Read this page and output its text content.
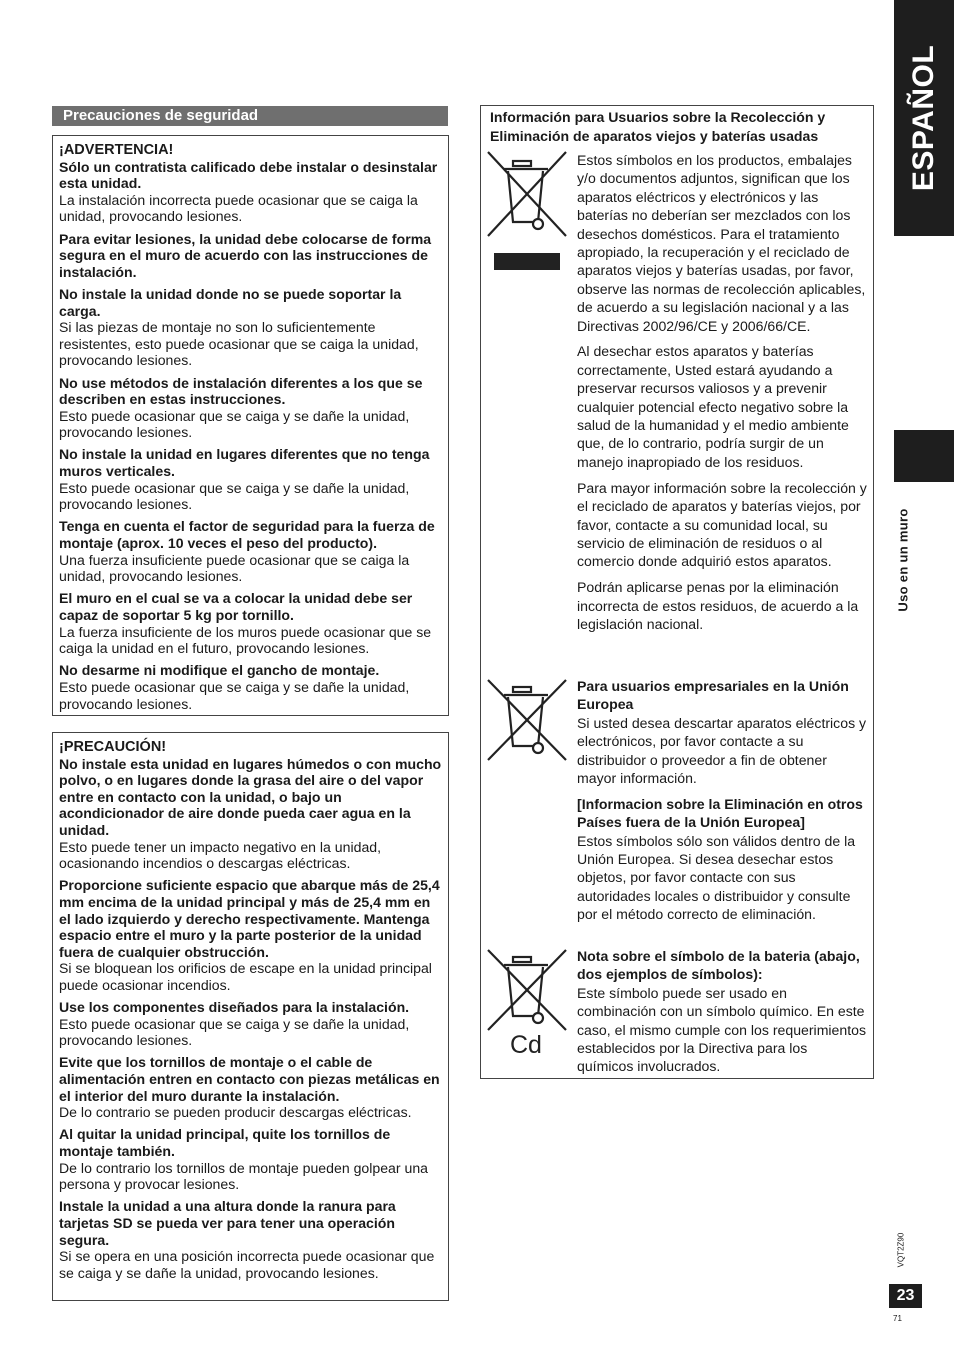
Precauciones de seguridad
¡ADVERTENCIA!
Sólo un contratista calificado debe instalar o desinstalar esta unidad.
La instalación incorrecta puede ocasionar que se caiga la unidad, provocando lesiones.
Para evitar lesiones, la unidad debe colocarse de forma segura en el muro de acuerdo con las instrucciones de instalación.
No instale la unidad donde no se puede soportar la carga.
Si las piezas de montaje no son lo suficientemente resistentes, esto puede ocasionar que se caiga la unidad, provocando lesiones.
No use métodos de instalación diferentes a los que se describen en estas instrucciones.
Esto puede ocasionar que se caiga y se dañe la unidad, provocando lesiones.
No instale la unidad en lugares diferentes que no tenga muros verticales.
Esto puede ocasionar que se caiga y se dañe la unidad, provocando lesiones.
Tenga en cuenta el factor de seguridad para la fuerza de montaje (aprox. 10 veces el peso del producto).
Una fuerza insuficiente puede ocasionar que se caiga la unidad, provocando lesiones.
El muro en el cual se va a colocar la unidad debe ser capaz de soportar 5 kg por tornillo.
La fuerza insuficiente de los muros puede ocasionar que se caiga la unidad en el futuro, provocando lesiones.
No desarme ni modifique el gancho de montaje.
Esto puede ocasionar que se caiga y se dañe la unidad, provocando lesiones.
¡PRECAUCIÓN!
No instale esta unidad en lugares húmedos o con mucho polvo, o en lugares donde la grasa del aire o del vapor entre en contacto con la unidad, o bajo un acondicionador de aire donde pueda caer agua en la unidad.
Esto puede tener un impacto negativo en la unidad, ocasionando incendios o descargas eléctricas.
Proporcione suficiente espacio que abarque más de 25,4 mm encima de la unidad principal y más de 25,4 mm en el lado izquierdo y derecho respectivamente. Mantenga espacio entre el muro y la parte posterior de la unidad fuera de cualquier obstrucción.
Si se bloquean los orificios de escape en la unidad principal puede ocasionar incendios.
Use los componentes diseñados para la instalación.
Esto puede ocasionar que se caiga y se dañe la unidad, provocando lesiones.
Evite que los tornillos de montaje o el cable de alimentación entren en contacto con piezas metálicas en el interior del muro durante la instalación.
De lo contrario se pueden producir descargas eléctricas.
Al quitar la unidad principal, quite los tornillos de montaje también.
De lo contrario los tornillos de montaje pueden golpear una persona y provocar lesiones.
Instale la unidad a una altura donde la ranura para tarjetas SD se pueda ver para tener una operación segura.
Si se opera en una posición incorrecta puede ocasionar que se caiga y se dañe la unidad, provocando lesiones.
Información para Usuarios sobre la Recolección y Eliminación de aparatos viejos y baterías usadas
Cd

Estos símbolos en los productos, embalajes y/o documentos adjuntos, significan que los aparatos eléctricos y electrónicos y las baterías no deberían ser mezclados con los desechos domésticos. Para el tratamiento apropiado, la recuperación y el reciclado de aparatos viejos y baterías usadas, por favor, observe las normas de recolección aplicables, de acuerdo a su legislación nacional y a las Directivas 2002/96/CE y 2006/66/CE.

Al desechar estos aparatos y baterías correctamente, Usted estará ayudando a preservar recursos valiosos y a prevenir cualquier potencial efecto negativo sobre la salud de la humanidad y el medio ambiente que, de lo contrario, podría surgir de un manejo inapropiado de los residuos.

Para mayor información sobre la recolección y el reciclado de aparatos y baterías viejos, por favor, contacte a su comunidad local, su servicio de eliminación de residuos o al comercio donde adquirió estos aparatos.

Podrán aplicarse penas por la eliminación incorrecta de estos residuos, de acuerdo a la legislación nacional.

Para usuarios empresariales en la Unión Europea
Si usted desea descartar aparatos eléctricos y electrónicos, por favor contacte a su distribuidor o proveedor a fin de obtener mayor información.

[Informacion sobre la Eliminación en otros Países fuera de la Unión Europea]
Estos símbolos sólo son válidos dentro de la Unión Europea. Si desea desechar estos objetos, por favor contacte con sus autoridades locales o distribuidor y consulte por el método correcto de eliminación.

Nota sobre el símbolo de la bateria (abajo, dos ejemplos de símbolos):
Este símbolo puede ser usado en combinación con un símbolo químico. En este caso, el mismo cumple con los requerimientos establecidos por la Directiva para los químicos involucrados.

ESPAÑOL
Uso en un muro
VQT2Z90
23
71
